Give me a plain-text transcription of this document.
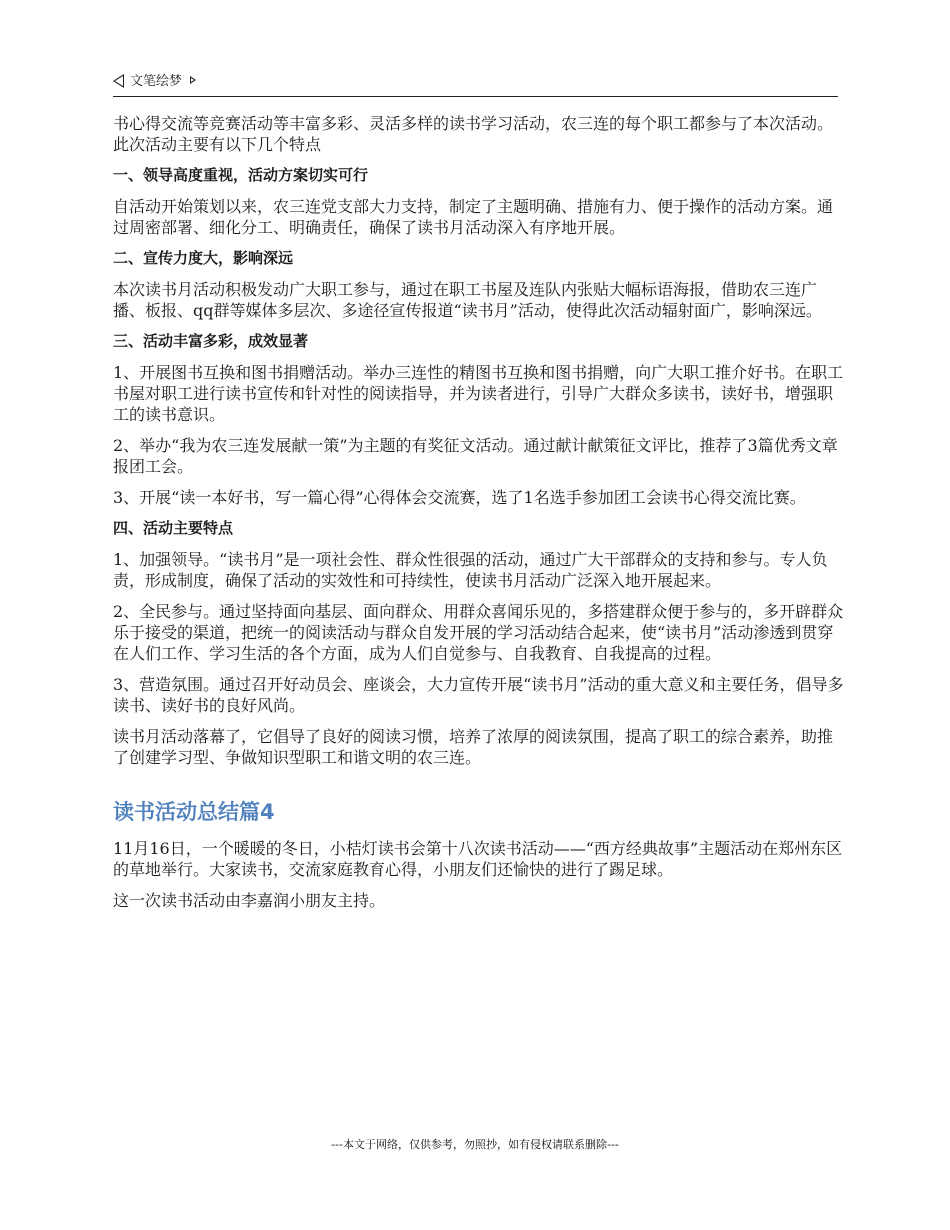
文笔绘梦
书心得交流等竞赛活动等丰富多彩、灵活多样的读书学习活动，农三连的每个职工都参与了本次活动。此次活动主要有以下几个特点
一、领导高度重视，活动方案切实可行
自活动开始策划以来，农三连党支部大力支持，制定了主题明确、措施有力、便于操作的活动方案。通过周密部署、细化分工、明确责任，确保了读书月活动深入有序地开展。
二、宣传力度大，影响深远
本次读书月活动积极发动广大职工参与，通过在职工书屋及连队内张贴大幅标语海报，借助农三连广播、板报、qq群等媒体多层次、多途径宣传报道“读书月”活动，使得此次活动辐射面广，影响深远。
三、活动丰富多彩，成效显著
1、开展图书互换和图书捐赠活动。举办三连性的精图书互换和图书捐赠，向广大职工推介好书。在职工书屋对职工进行读书宣传和针对性的阅读指导，并为读者进行，引导广大群众多读书，读好书，增强职工的读书意识。
2、举办“我为农三连发展献一策”为主题的有奖征文活动。通过献计献策征文评比，推荐了3篇优秀文章报团工会。
3、开展“读一本好书，写一篇心得”心得体会交流赛，选了1名选手参加团工会读书心得交流比赛。
四、活动主要特点
1、加强领导。“读书月”是一项社会性、群众性很强的活动，通过广大干部群众的支持和参与。专人负责，形成制度，确保了活动的实效性和可持续性，使读书月活动广泛深入地开展起来。
2、全民参与。通过坚持面向基层、面向群众、用群众喜闻乐见的，多搭建群众便于参与的，多开辟群众乐于接受的渠道，把统一的阅读活动与群众自发开展的学习活动结合起来，使“读书月”活动渗透到贯穿在人们工作、学习生活的各个方面，成为人们自觉参与、自我教育、自我提高的过程。
3、营造氛围。通过召开好动员会、座谈会，大力宣传开展“读书月”活动的重大意义和主要任务，倡导多读书、读好书的良好风尚。
读书月活动落幕了，它倡导了良好的阅读习惯，培养了浓厚的阅读氛围，提高了职工的综合素养，助推了创建学习型、争做知识型职工和谐文明的农三连。
读书活动总结篇4
11月16日，一个暖暖的冬日，小桔灯读书会第十八次读书活动——“西方经典故事”主题活动在郑州东区的草地举行。大家读书，交流家庭教育心得，小朋友们还愉快的进行了踢足球。
这一次读书活动由李嘉润小朋友主持。
---本文于网络，仅供参考，勿照抄，如有侵权请联系删除---
